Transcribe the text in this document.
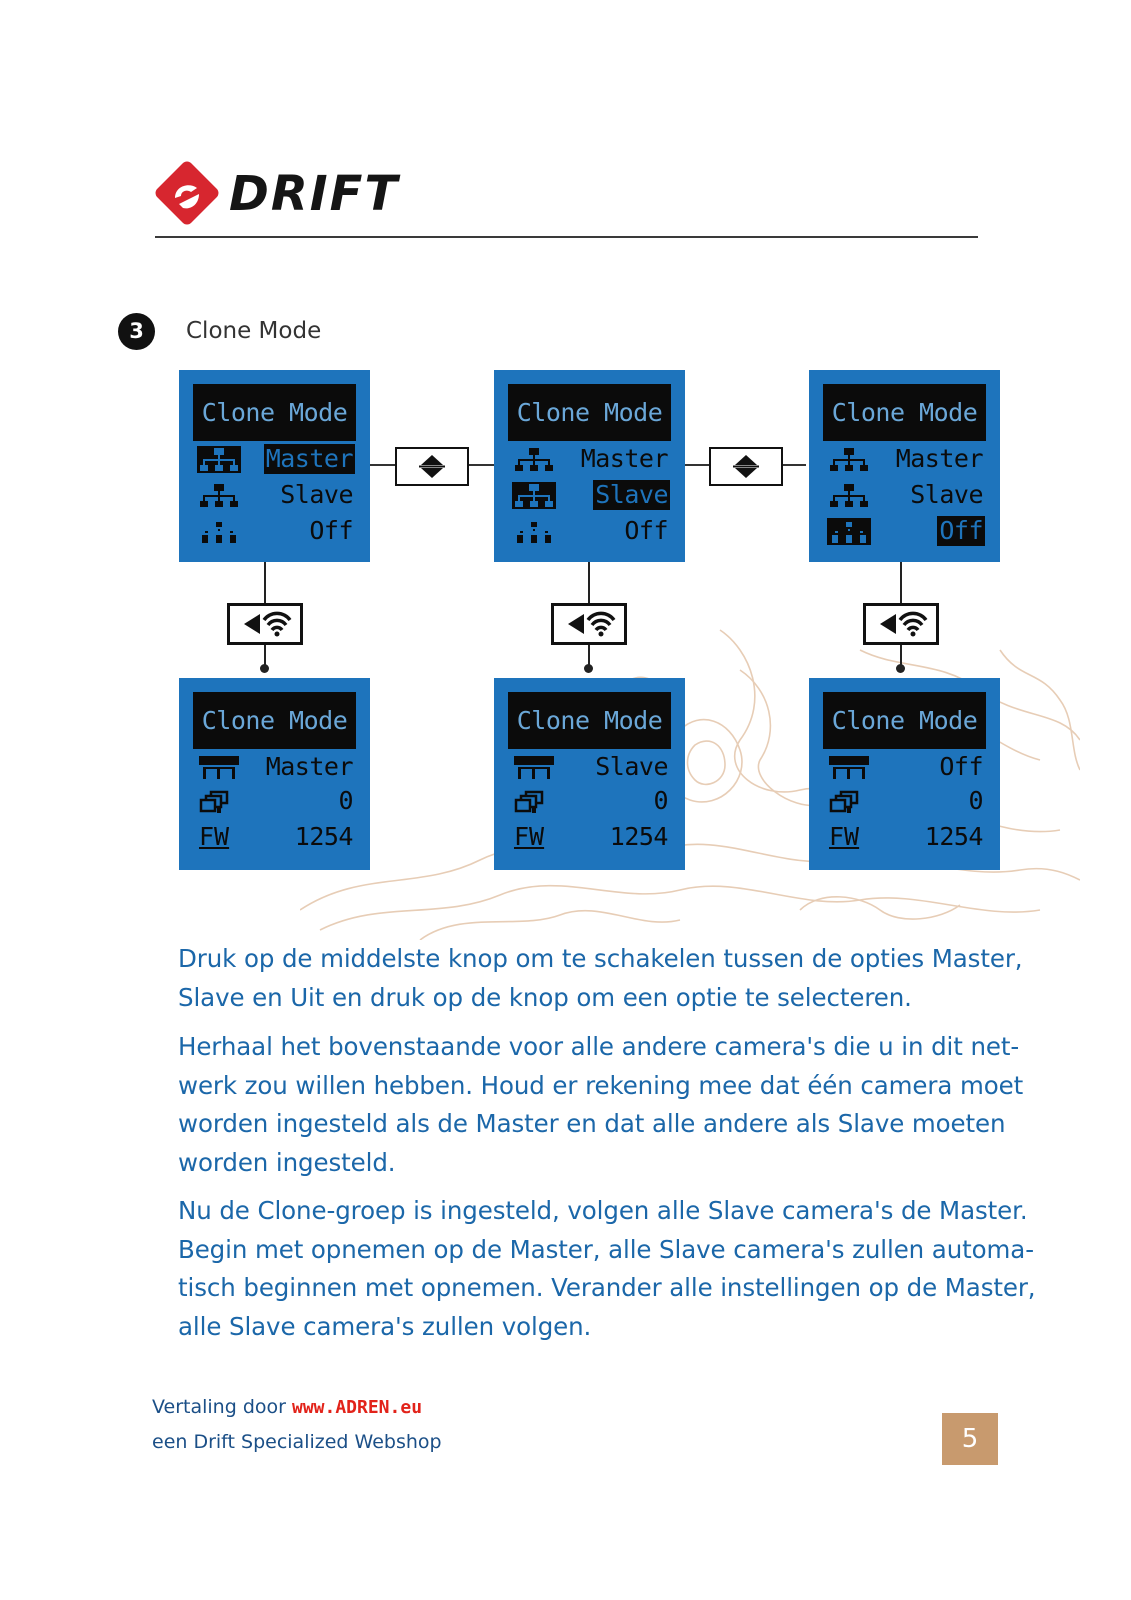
DRIFT
3	Clone Mode
Clone Mode
Master
Slave
Off
Clone Mode
Master
Slave
Off
Clone Mode
Master
Slave
Off
Clone Mode
Master
0
FW	1254
Clone Mode
Slave
0
FW	1254
Clone Mode
Off
0
FW	1254
Druk op de middelste knop om te schakelen tussen de opties Master, Slave en Uit en druk op de knop om een optie te selecteren.
Herhaal het bovenstaande voor alle andere camera's die u in dit net-werk zou willen hebben. Houd er rekening mee dat één camera moet worden ingesteld als de Master en dat alle andere als Slave moeten worden ingesteld.
Nu de Clone-groep is ingesteld, volgen alle Slave camera's de Master. Begin met opnemen op de Master, alle Slave camera's zullen automa-tisch beginnen met opnemen. Verander alle instellingen op de Master, alle Slave camera's zullen volgen.
Vertaling door www.ADREN.eu
een Drift Specialized Webshop	5
